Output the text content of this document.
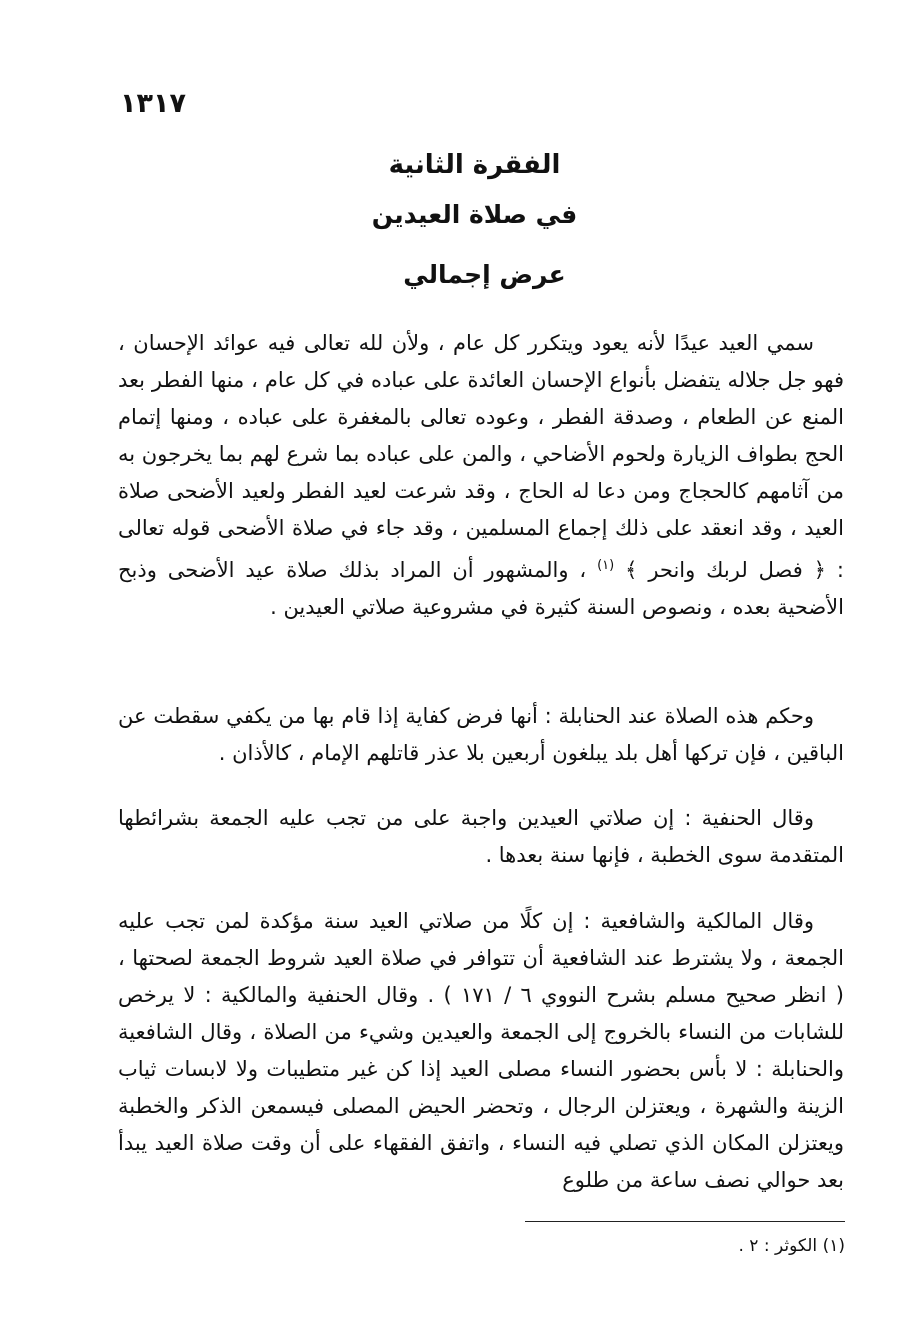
١٣١٧
الفقرة الثانية
في صلاة العيدين
عرض إجمالي

سمي العيد عيدًا لأنه يعود ويتكرر كل عام ، ولأن لله تعالى فيه عوائد الإحسان ، فهو جل جلاله يتفضل بأنواع الإحسان العائدة على عباده في كل عام ، منها الفطر بعد المنع عن الطعام ، وصدقة الفطر ، وعوده تعالى بالمغفرة على عباده ، ومنها إتمام الحج بطواف الزيارة ولحوم الأضاحي ، والمن على عباده بما شرع لهم بما يخرجون به من آثامهم كالحجاج ومن دعا له الحاج ، وقد شرعت لعيد الفطر ولعيد الأضحى صلاة العيد ، وقد انعقد على ذلك إجماع المسلمين ، وقد جاء في صلاة الأضحى قوله تعالى : ﴿ فصل لربك وانحر ﴾ $^{(١)}$ ، والمشهور أن المراد بذلك صلاة عيد الأضحى وذبح الأضحية بعده ، ونصوص السنة كثيرة في مشروعية صلاتي العيدين .

وحكم هذه الصلاة عند الحنابلة : أنها فرض كفاية إذا قام بها من يكفي سقطت عن الباقين ، فإن تركها أهل بلد يبلغون أربعين بلا عذر قاتلهم الإمام ، كالأذان .

وقال الحنفية : إن صلاتي العيدين واجبة على من تجب عليه الجمعة بشرائطها المتقدمة سوى الخطبة ، فإنها سنة بعدها .

وقال المالكية والشافعية : إن كلًا من صلاتي العيد سنة مؤكدة لمن تجب عليه الجمعة ، ولا يشترط عند الشافعية أن تتوافر في صلاة العيد شروط الجمعة لصحتها ، ( انظر صحيح مسلم بشرح النووي ٦ / ١٧١ ) . وقال الحنفية والمالكية : لا يرخص للشابات من النساء بالخروج إلى الجمعة والعيدين وشيء من الصلاة ، وقال الشافعية والحنابلة : لا بأس بحضور النساء مصلى العيد إذا كن غير متطيبات ولا لابسات ثياب الزينة والشهرة ، ويعتزلن الرجال ، وتحضر الحيض المصلى فيسمعن الذكر والخطبة ويعتزلن المكان الذي تصلي فيه النساء ، واتفق الفقهاء على أن وقت صلاة العيد يبدأ بعد حوالي نصف ساعة من طلوع

(١) الكوثر : ٢ .
